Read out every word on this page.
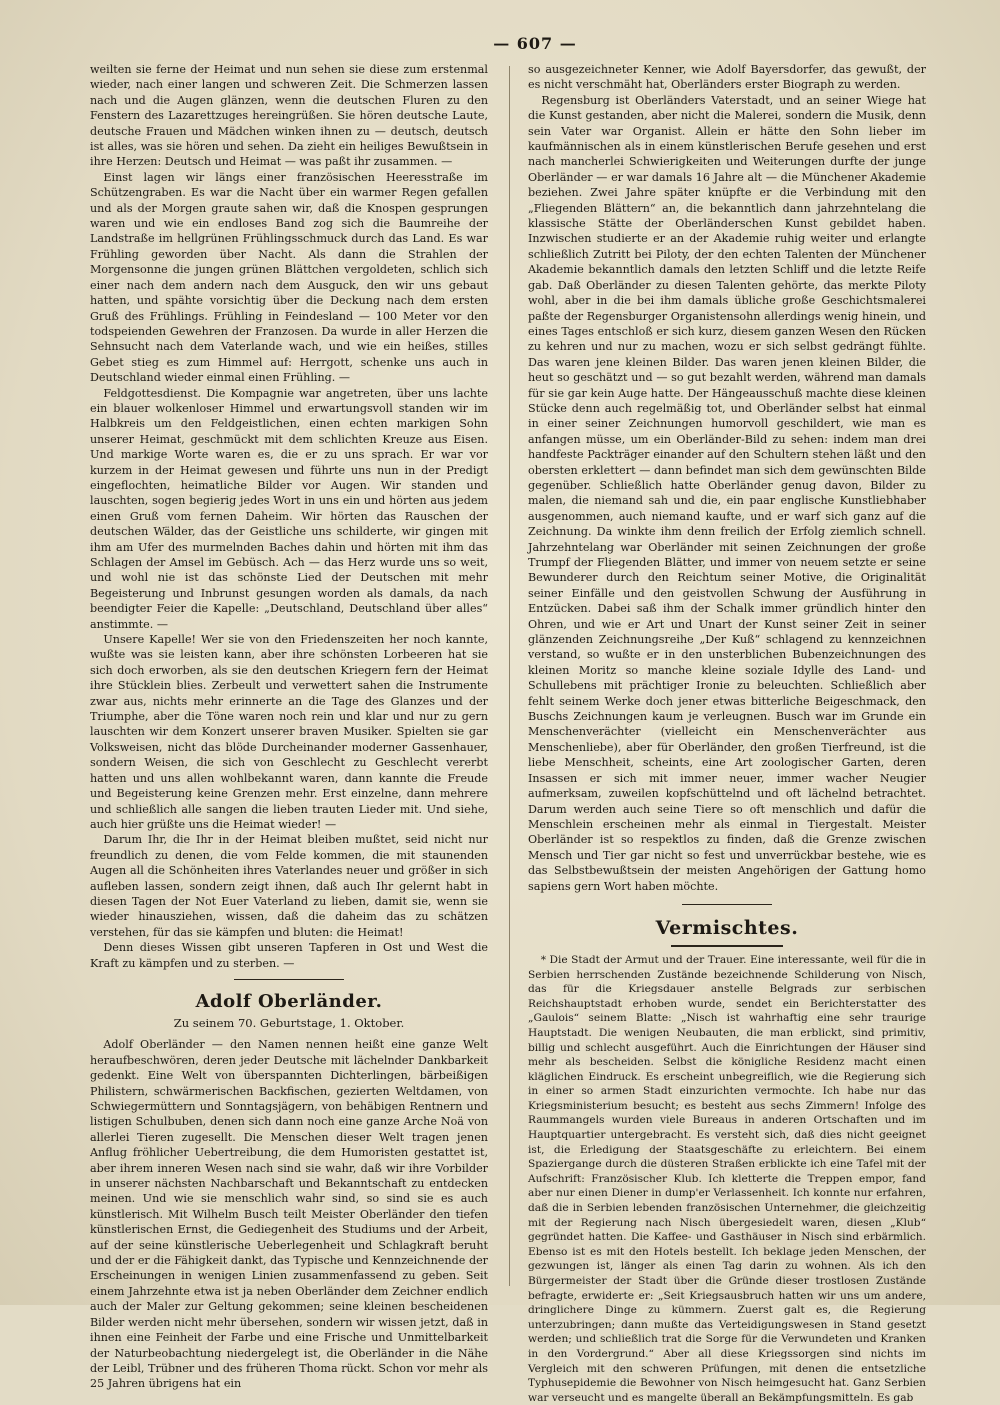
— 607 —

weilten sie ferne der Heimat und nun sehen sie diese zum erstenmal wieder, nach einer langen und schweren Zeit. Die Schmerzen lassen nach und die Augen glänzen, wenn die deutschen Fluren zu den Fenstern des Lazarettzuges hereingrüßen. Sie hören deutsche Laute, deutsche Frauen und Mädchen winken ihnen zu — deutsch, deutsch ist alles, was sie hören und sehen. Da zieht ein heiliges Bewußtsein in ihre Herzen: Deutsch und Heimat — was paßt ihr zusammen. —

Einst lagen wir längs einer französischen Heeresstraße im Schützengraben. Es war die Nacht über ein warmer Regen gefallen und als der Morgen graute sahen wir, daß die Knospen gesprungen waren und wie ein endloses Band zog sich die Baumreihe der Landstraße im hellgrünen Frühlingsschmuck durch das Land. Es war Frühling geworden über Nacht. Als dann die Strahlen der Morgensonne die jungen grünen Blättchen vergoldeten, schlich sich einer nach dem andern nach dem Ausguck, den wir uns gebaut hatten, und spähte vorsichtig über die Deckung nach dem ersten Gruß des Frühlings. Frühling in Feindesland — 100 Meter vor den todspeienden Gewehren der Franzosen. Da wurde in aller Herzen die Sehnsucht nach dem Vaterlande wach, und wie ein heißes, stilles Gebet stieg es zum Himmel auf: Herrgott, schenke uns auch in Deutschland wieder einmal einen Frühling. —

Feldgottesdienst. Die Kompagnie war angetreten, über uns lachte ein blauer wolkenloser Himmel und erwartungsvoll standen wir im Halbkreis um den Feldgeistlichen, einen echten markigen Sohn unserer Heimat, geschmückt mit dem schlichten Kreuze aus Eisen. Und markige Worte waren es, die er zu uns sprach. Er war vor kurzem in der Heimat gewesen und führte uns nun in der Predigt eingeflochten, heimatliche Bilder vor Augen. Wir standen und lauschten, sogen begierig jedes Wort in uns ein und hörten aus jedem einen Gruß vom fernen Daheim. Wir hörten das Rauschen der deutschen Wälder, das der Geistliche uns schilderte, wir gingen mit ihm am Ufer des murmelnden Baches dahin und hörten mit ihm das Schlagen der Amsel im Gebüsch. Ach — das Herz wurde uns so weit, und wohl nie ist das schönste Lied der Deutschen mit mehr Begeisterung und Inbrunst gesungen worden als damals, da nach beendigter Feier die Kapelle: „Deutschland, Deutschland über alles“ anstimmte. —

Unsere Kapelle! Wer sie von den Friedenszeiten her noch kannte, wußte was sie leisten kann, aber ihre schönsten Lorbeeren hat sie sich doch erworben, als sie den deutschen Kriegern fern der Heimat ihre Stücklein blies. Zerbeult und verwettert sahen die Instrumente zwar aus, nichts mehr erinnerte an die Tage des Glanzes und der Triumphe, aber die Töne waren noch rein und klar und nur zu gern lauschten wir dem Konzert unserer braven Musiker. Spielten sie gar Volksweisen, nicht das blöde Durcheinander moderner Gassenhauer, sondern Weisen, die sich von Geschlecht zu Geschlecht vererbt hatten und uns allen wohlbekannt waren, dann kannte die Freude und Begeisterung keine Grenzen mehr. Erst einzelne, dann mehrere und schließlich alle sangen die lieben trauten Lieder mit. Und siehe, auch hier grüßte uns die Heimat wieder! —

Darum Ihr, die Ihr in der Heimat bleiben mußtet, seid nicht nur freundlich zu denen, die vom Felde kommen, die mit staunenden Augen all die Schönheiten ihres Vaterlandes neuer und größer in sich aufleben lassen, sondern zeigt ihnen, daß auch Ihr gelernt habt in diesen Tagen der Not Euer Vaterland zu lieben, damit sie, wenn sie wieder hinausziehen, wissen, daß die daheim das zu schätzen verstehen, für das sie kämpfen und bluten: die Heimat!

Denn dieses Wissen gibt unseren Tapferen in Ost und West die Kraft zu kämpfen und zu sterben. —

Adolf Oberländer.
Zu seinem 70. Geburtstage, 1. Oktober.

Adolf Oberländer — den Namen nennen heißt eine ganze Welt heraufbeschwören, deren jeder Deutsche mit lächelnder Dankbarkeit gedenkt. Eine Welt von überspannten Dichterlingen, bärbeißigen Philistern, schwärmerischen Backfischen, gezierten Weltdamen, von Schwiegermüttern und Sonntagsjägern, von behäbigen Rentnern und listigen Schulbuben, denen sich dann noch eine ganze Arche Noä von allerlei Tieren zugesellt. Die Menschen dieser Welt tragen jenen Anflug fröhlicher Uebertreibung, die dem Humoristen gestattet ist, aber ihrem inneren Wesen nach sind sie wahr, daß wir ihre Vorbilder in unserer nächsten Nachbarschaft und Bekanntschaft zu entdecken meinen. Und wie sie menschlich wahr sind, so sind sie es auch künstlerisch. Mit Wilhelm Busch teilt Meister Oberländer den tiefen künstlerischen Ernst, die Gediegenheit des Studiums und der Arbeit, auf der seine künstlerische Ueberlegenheit und Schlagkraft beruht und der er die Fähigkeit dankt, das Typische und Kennzeichnende der Erscheinungen in wenigen Linien zusammenfassend zu geben. Seit einem Jahrzehnte etwa ist ja neben Oberländer dem Zeichner endlich auch der Maler zur Geltung gekommen; seine kleinen bescheidenen Bilder werden nicht mehr übersehen, sondern wir wissen jetzt, daß in ihnen eine Feinheit der Farbe und eine Frische und Unmittelbarkeit der Naturbeobachtung niedergelegt ist, die Oberländer in die Nähe der Leibl, Trübner und des früheren Thoma rückt. Schon vor mehr als 25 Jahren übrigens hat ein

so ausgezeichneter Kenner, wie Adolf Bayersdorfer, das gewußt, der es nicht verschmäht hat, Oberländers erster Biograph zu werden.

Regensburg ist Oberländers Vaterstadt, und an seiner Wiege hat die Kunst gestanden, aber nicht die Malerei, sondern die Musik, denn sein Vater war Organist. Allein er hätte den Sohn lieber im kaufmännischen als in einem künstlerischen Berufe gesehen und erst nach mancherlei Schwierigkeiten und Weiterungen durfte der junge Oberländer — er war damals 16 Jahre alt — die Münchener Akademie beziehen. Zwei Jahre später knüpfte er die Verbindung mit den „Fliegenden Blättern“ an, die bekanntlich dann jahrzehntelang die klassische Stätte der Oberländerschen Kunst gebildet haben. Inzwischen studierte er an der Akademie ruhig weiter und erlangte schließlich Zutritt bei Piloty, der den echten Talenten der Münchener Akademie bekanntlich damals den letzten Schliff und die letzte Reife gab. Daß Oberländer zu diesen Talenten gehörte, das merkte Piloty wohl, aber in die bei ihm damals übliche große Geschichtsmalerei paßte der Regensburger Organistensohn allerdings wenig hinein, und eines Tages entschloß er sich kurz, diesem ganzen Wesen den Rücken zu kehren und nur zu machen, wozu er sich selbst gedrängt fühlte. Das waren jene kleinen Bilder. Das waren jenen kleinen Bilder, die heut so geschätzt und — so gut bezahlt werden, während man damals für sie gar kein Auge hatte. Der Hängeausschuß machte diese kleinen Stücke denn auch regelmäßig tot, und Oberländer selbst hat einmal in einer seiner Zeichnungen humorvoll geschildert, wie man es anfangen müsse, um ein Oberländer-Bild zu sehen: indem man drei handfeste Packträger einander auf den Schultern stehen läßt und den obersten erklettert — dann befindet man sich dem gewünschten Bilde gegenüber. Schließlich hatte Oberländer genug davon, Bilder zu malen, die niemand sah und die, ein paar englische Kunstliebhaber ausgenommen, auch niemand kaufte, und er warf sich ganz auf die Zeichnung. Da winkte ihm denn freilich der Erfolg ziemlich schnell. Jahrzehntelang war Oberländer mit seinen Zeichnungen der große Trumpf der Fliegenden Blätter, und immer von neuem setzte er seine Bewunderer durch den Reichtum seiner Motive, die Originalität seiner Einfälle und den geistvollen Schwung der Ausführung in Entzücken. Dabei saß ihm der Schalk immer gründlich hinter den Ohren, und wie er Art und Unart der Kunst seiner Zeit in seiner glänzenden Zeichnungsreihe „Der Kuß“ schlagend zu kennzeichnen verstand, so wußte er in den unsterblichen Bubenzeichnungen des kleinen Moritz so manche kleine soziale Idylle des Land- und Schullebens mit prächtiger Ironie zu beleuchten. Schließlich aber fehlt seinem Werke doch jener etwas bitterliche Beigeschmack, den Buschs Zeichnungen kaum je verleugnen. Busch war im Grunde ein Menschenverächter (vielleicht ein Menschenverächter aus Menschenliebe), aber für Oberländer, den großen Tierfreund, ist die liebe Menschheit, scheints, eine Art zoologischer Garten, deren Insassen er sich mit immer neuer, immer wacher Neugier aufmerksam, zuweilen kopfschüttelnd und oft lächelnd betrachtet. Darum werden auch seine Tiere so oft menschlich und dafür die Menschlein erscheinen mehr als einmal in Tiergestalt. Meister Oberländer ist so respektlos zu finden, daß die Grenze zwischen Mensch und Tier gar nicht so fest und unverrückbar bestehe, wie es das Selbstbewußtsein der meisten Angehörigen der Gattung homo sapiens gern Wort haben möchte.

Vermischtes.

* Die Stadt der Armut und der Trauer. Eine interessante, weil für die in Serbien herrschenden Zustände bezeichnende Schilderung von Nisch, das für die Kriegsdauer anstelle Belgrads zur serbischen Reichshauptstadt erhoben wurde, sendet ein Berichterstatter des „Gaulois“ seinem Blatte: „Nisch ist wahrhaftig eine sehr traurige Hauptstadt. Die wenigen Neubauten, die man erblickt, sind primitiv, billig und schlecht ausgeführt. Auch die Einrichtungen der Häuser sind mehr als bescheiden. Selbst die königliche Residenz macht einen kläglichen Eindruck. Es erscheint unbegreiflich, wie die Regierung sich in einer so armen Stadt einzurichten vermochte. Ich habe nur das Kriegsministerium besucht; es besteht aus sechs Zimmern! Infolge des Raummangels wurden viele Bureaus in anderen Ortschaften und im Hauptquartier untergebracht. Es versteht sich, daß dies nicht geeignet ist, die Erledigung der Staatsgeschäfte zu erleichtern. Bei einem Spaziergange durch die düsteren Straßen erblickte ich eine Tafel mit der Aufschrift: Französischer Klub. Ich kletterte die Treppen empor, fand aber nur einen Diener in dump'er Verlassenheit. Ich konnte nur erfahren, daß die in Serbien lebenden französischen Unternehmer, die gleichzeitig mit der Regierung nach Nisch übergesiedelt waren, diesen „Klub“ gegründet hatten. Die Kaffee- und Gasthäuser in Nisch sind erbärmlich. Ebenso ist es mit den Hotels bestellt. Ich beklage jeden Menschen, der gezwungen ist, länger als einen Tag darin zu wohnen. Als ich den Bürgermeister der Stadt über die Gründe dieser trostlosen Zustände befragte, erwiderte er: „Seit Kriegsausbruch hatten wir uns um andere, dringlichere Dinge zu kümmern. Zuerst galt es, die Regierung unterzubringen; dann mußte das Verteidigungswesen in Stand gesetzt werden; und schließlich trat die Sorge für die Verwundeten und Kranken in den Vordergrund.“ Aber all diese Kriegssorgen sind nichts im Vergleich mit den schweren Prüfungen, mit denen die entsetzliche Typhusepidemie die Bewohner von Nisch heimgesucht hat. Ganz Serbien war verseucht und es mangelte überall an Bekämpfungsmitteln. Es gab
